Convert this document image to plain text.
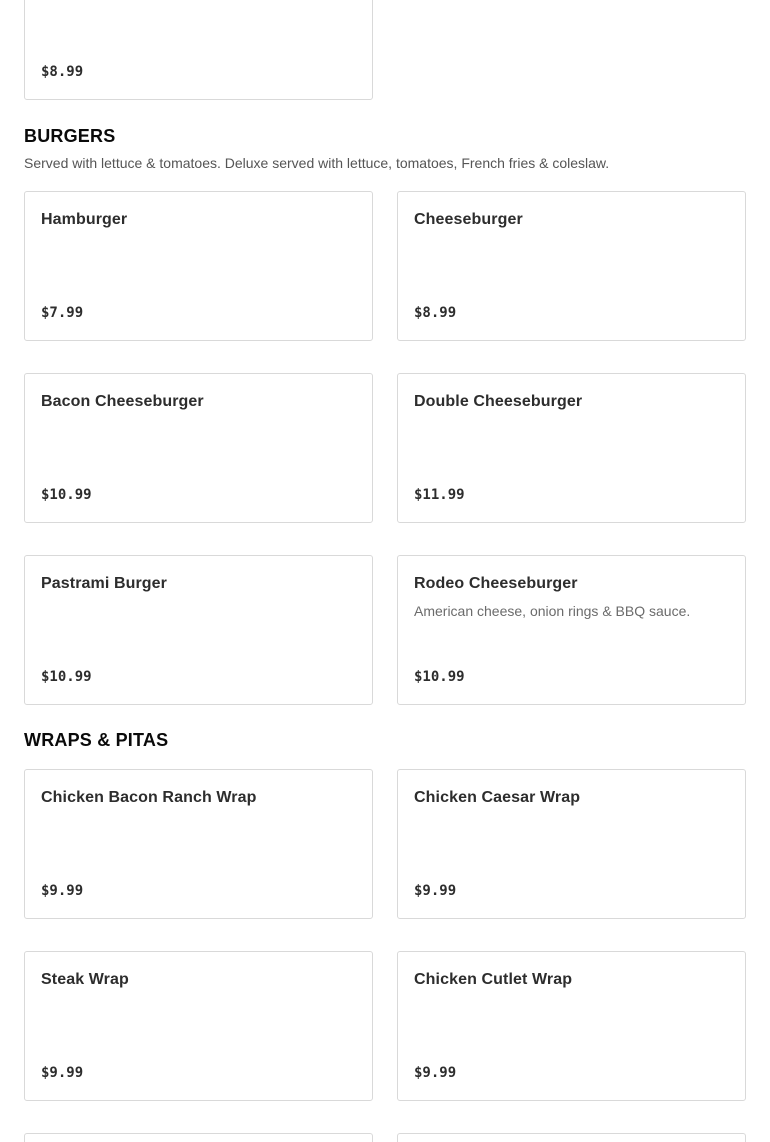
$8.99
BURGERS
Served with lettuce & tomatoes. Deluxe served with lettuce, tomatoes, French fries & coleslaw.
Hamburger
$7.99
Cheeseburger
$8.99
Bacon Cheeseburger
$10.99
Double Cheeseburger
$11.99
Pastrami Burger
$10.99
Rodeo Cheeseburger
American cheese, onion rings & BBQ sauce.
$10.99
WRAPS & PITAS
Chicken Bacon Ranch Wrap
$9.99
Chicken Caesar Wrap
$9.99
Steak Wrap
$9.99
Chicken Cutlet Wrap
$9.99
